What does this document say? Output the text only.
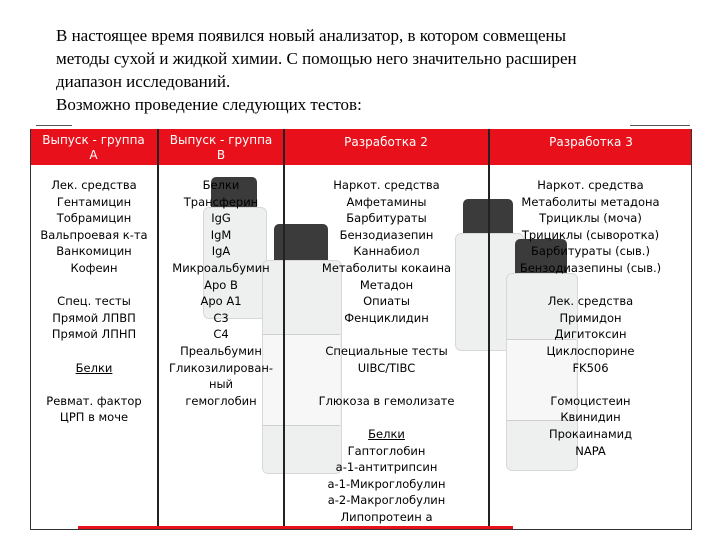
В настоящее время появился новый анализатор, в котором совмещены
методы сухой и жидкой химии. С помощью него значительно расширен
диапазон исследований.
Возможно проведение следующих тестов:
Выпуск - группа
А
Выпуск - группа
В
Разработка 2	Разработка 3
Лек. средства
Гентамицин
Тобрамицин
Вальпроевая к-та
Ванкомицин
Кофеин
Спец. тесты
Прямой ЛПВП
Прямой ЛПНП
Белки
Ревмат. фактор
ЦРП в моче
Белки
Трансферин
IgG
IgM
IgA
Микроальбумин
Apo B
Apo A1
C3
C4
Преальбумин
Гликозилирован-
ный
гемоглобин
Наркот. средства
Амфетамины
Барбитураты
Бензодиазепин
Каннабиол
Метаболиты кокаина
Метадон
Опиаты
Фенциклидин
Специальные тесты
UIBC/TIBC
Глюкоза в гемолизате
Белки
Гаптоглобин
а-1-антитрипсин
а-1-Микроглобулин
а-2-Макроглобулин
Липопротеин а
Наркот. средства
Метаболиты метадона
Трициклы (моча)
Трициклы (сыворотка)
Барбитураты (сыв.)
Бензодиазепины (сыв.)
Лек. средства
Примидон
Дигитоксин
Циклоспорине
FK506
Гомоцистеин
Квинидин
Прокаинамид
NAPA
